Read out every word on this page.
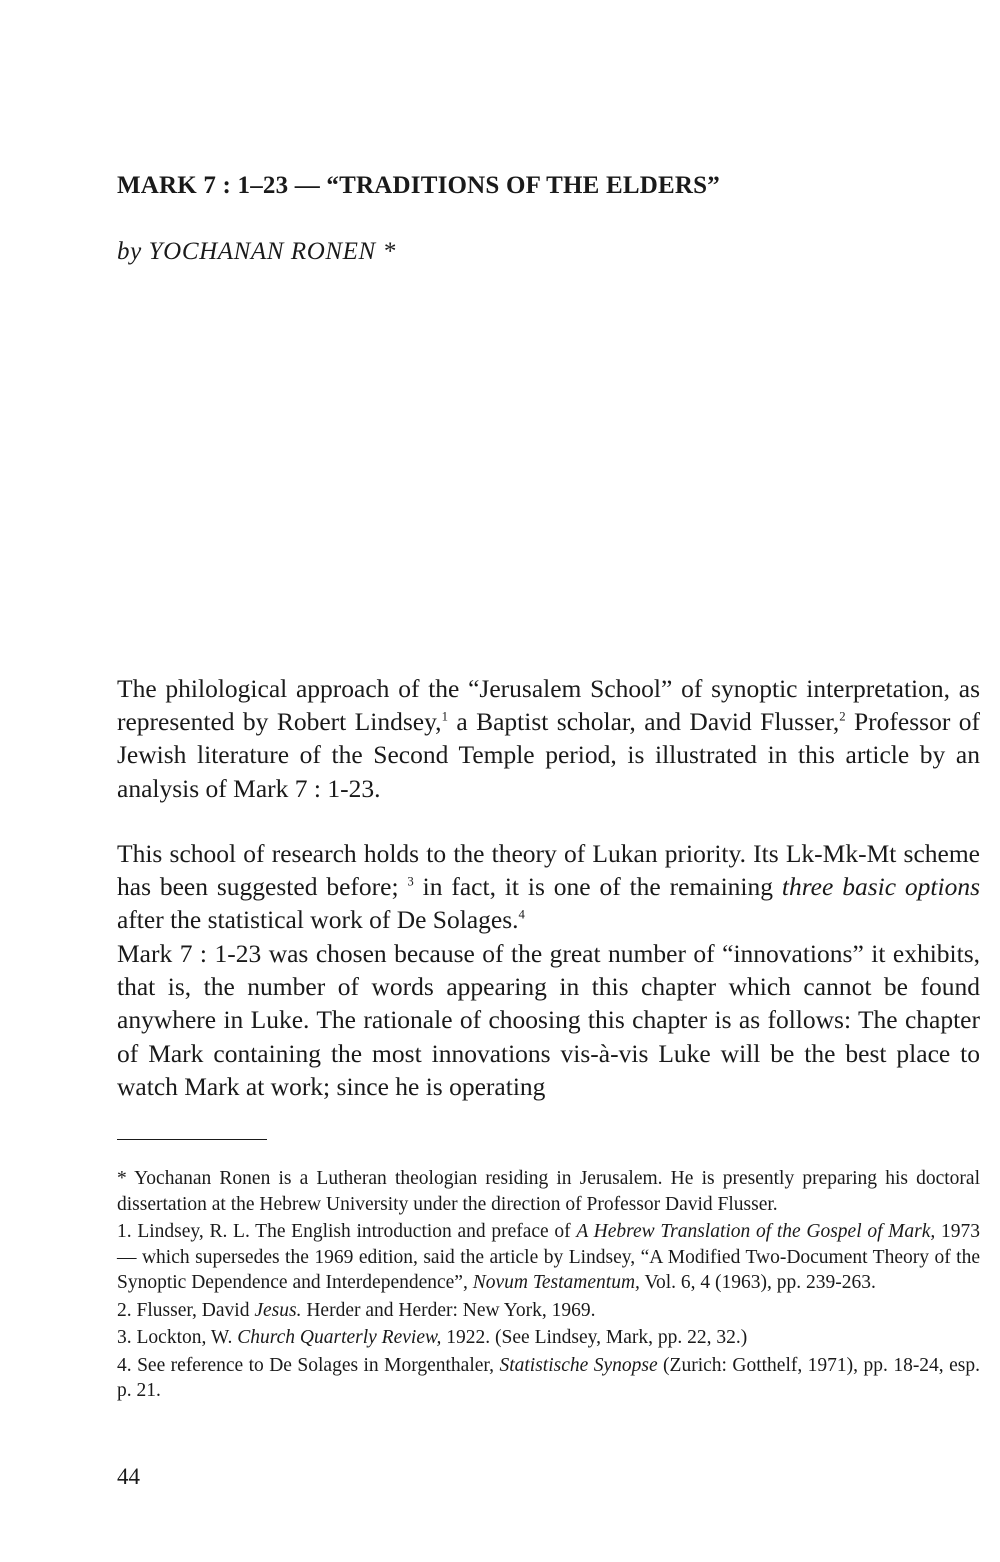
MARK 7 : 1–23 — “TRADITIONS OF THE ELDERS”

by YOCHANAN RONEN *

The philological approach of the “Jerusalem School” of synoptic interpretation, as represented by Robert Lindsey,$^1$ a Baptist scholar, and David Flusser,$^2$ Professor of Jewish literature of the Second Temple period, is illustrated in this article by an analysis of Mark 7 : 1-23.

This school of research holds to the theory of Lukan priority. Its Lk-Mk-Mt scheme has been suggested before; $^3$ in fact, it is one of the remaining three basic options after the statistical work of De Solages.$^4$

Mark 7 : 1-23 was chosen because of the great number of “innovations” it exhibits, that is, the number of words appearing in this chapter which cannot be found anywhere in Luke. The rationale of choosing this chapter is as follows: The chapter of Mark containing the most innovations vis-à-vis Luke will be the best place to watch Mark at work; since he is operating

* Yochanan Ronen is a Lutheran theologian residing in Jerusalem. He is presently preparing his doctoral dissertation at the Hebrew University under the direction of Professor David Flusser.

1. Lindsey, R. L. The English introduction and preface of A Hebrew Translation of the Gospel of Mark, 1973 — which supersedes the 1969 edition, said the article by Lindsey, “A Modified Two-Document Theory of the Synoptic Dependence and Interdependence”, Novum Testamentum, Vol. 6, 4 (1963), pp. 239-263.

2. Flusser, David Jesus. Herder and Herder: New York, 1969.

3. Lockton, W. Church Quarterly Review, 1922. (See Lindsey, Mark, pp. 22, 32.)

4. See reference to De Solages in Morgenthaler, Statistische Synopse (Zurich: Gotthelf, 1971), pp. 18-24, esp. p. 21.

44
